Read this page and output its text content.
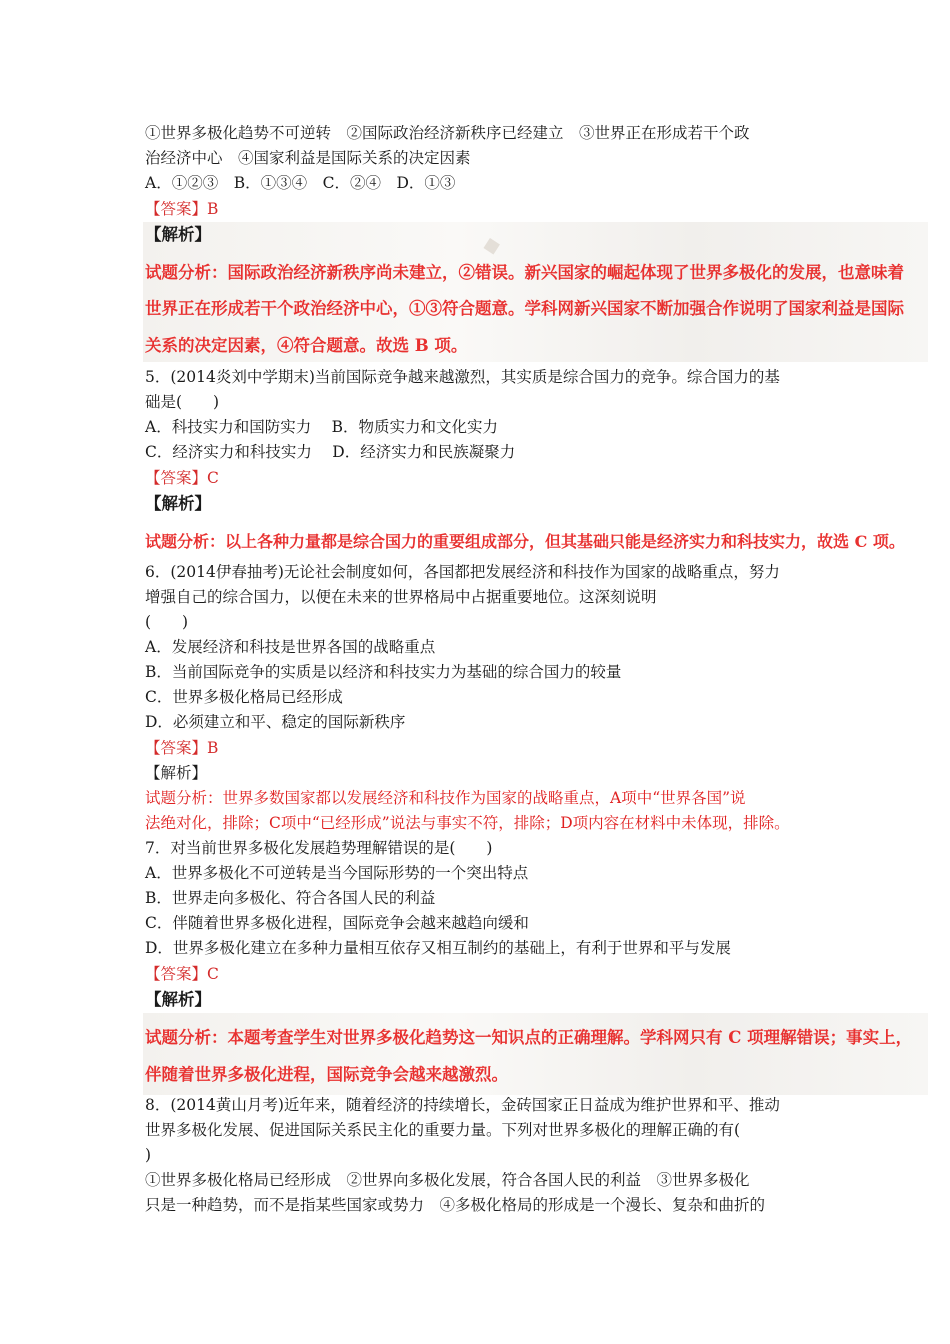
◆
①世界多极化趋势不可逆转　②国际政治经济新秩序已经建立　③世界正在形成若干个政
治经济中心　④国家利益是国际关系的决定因素
A．①②③　B．①③④　C．②④　D．①③
【答案】B
【解析】
试题分析：国际政治经济新秩序尚未建立，②错误。新兴国家的崛起体现了世界多极化的发展，也意味着
世界正在形成若干个政治经济中心，①③符合题意。学科网新兴国家不断加强合作说明了国家利益是国际
关系的决定因素，④符合题意。故选 B 项。
5．(2014炎刘中学期末)当前国际竞争越来越激烈，其实质是综合国力的竞争。综合国力的基
础是(　　)
A．科技实力和国防实力　 B．物质实力和文化实力
C．经济实力和科技实力　 D．经济实力和民族凝聚力
【答案】C
【解析】
试题分析：以上各种力量都是综合国力的重要组成部分，但其基础只能是经济实力和科技实力，故选 C 项。
6．(2014伊春抽考)无论社会制度如何，各国都把发展经济和科技作为国家的战略重点，努力
增强自己的综合国力，以便在未来的世界格局中占据重要地位。这深刻说明
(　　)
A．发展经济和科技是世界各国的战略重点
B．当前国际竞争的实质是以经济和科技实力为基础的综合国力的较量
C．世界多极化格局已经形成
D．必须建立和平、稳定的国际新秩序
【答案】B
【解析】
试题分析：世界多数国家都以发展经济和科技作为国家的战略重点，A项中“世界各国”说
法绝对化，排除；C项中“已经形成”说法与事实不符，排除；D项内容在材料中未体现，排除。
7．对当前世界多极化发展趋势理解错误的是(　　)
A．世界多极化不可逆转是当今国际形势的一个突出特点
B．世界走向多极化、符合各国人民的利益
C．伴随着世界多极化进程，国际竞争会越来越趋向缓和
D．世界多极化建立在多种力量相互依存又相互制约的基础上，有利于世界和平与发展
【答案】C
【解析】
试题分析：本题考查学生对世界多极化趋势这一知识点的正确理解。学科网只有 C 项理解错误；事实上，
伴随着世界多极化进程，国际竞争会越来越激烈。
8．(2014黄山月考)近年来，随着经济的持续增长，金砖国家正日益成为维护世界和平、推动
世界多极化发展、促进国际关系民主化的重要力量。下列对世界多极化的理解正确的有(
)
①世界多极化格局已经形成　②世界向多极化发展，符合各国人民的利益　③世界多极化
只是一种趋势，而不是指某些国家或势力　④多极化格局的形成是一个漫长、复杂和曲折的
